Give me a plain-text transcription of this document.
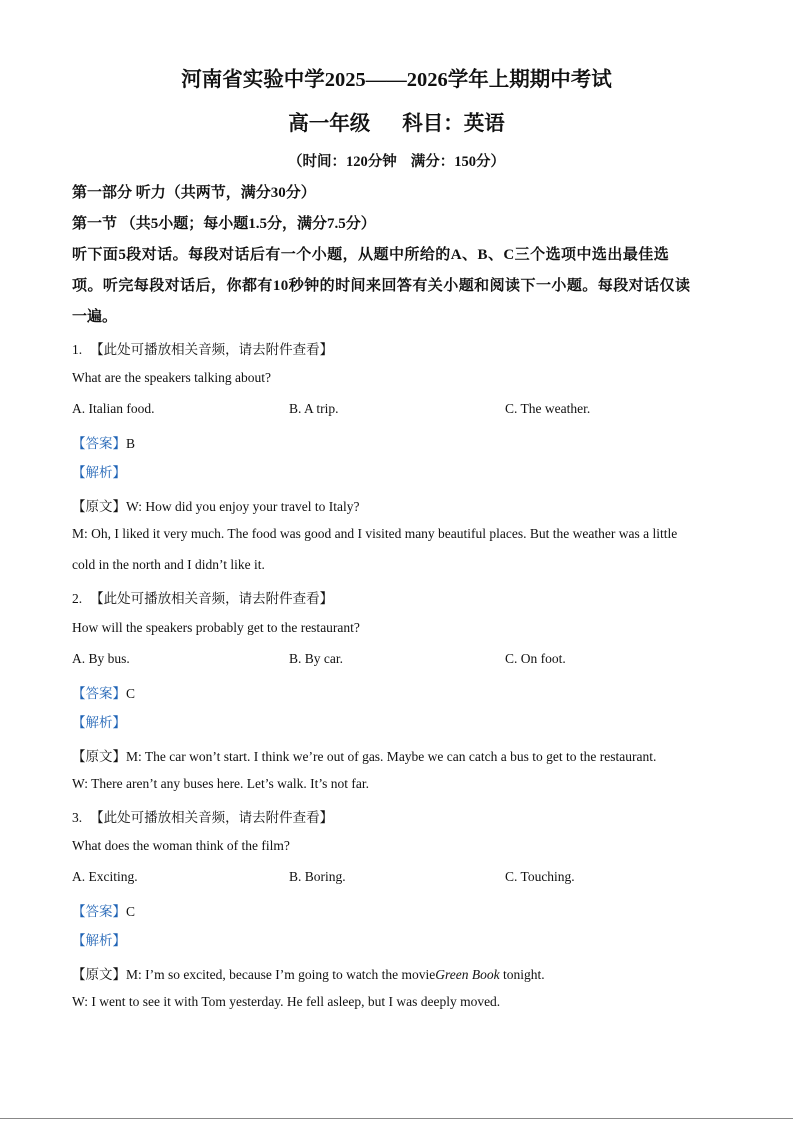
河南省实验中学2025——2026学年上期期中考试
高一年级 科目：英语
（时间：120分钟 满分：150分）
第一部分 听力（共两节，满分30分）
第一节 （共5小题；每小题1.5分，满分7.5分）
听下面5段对话。每段对话后有一个小题，从题中所给的A、B、C三个选项中选出最佳选
项。听完每段对话后，你都有10秒钟的时间来回答有关小题和阅读下一小题。每段对话仅读
一遍。
1. 【此处可播放相关音频，请去附件查看】
What are the speakers talking about?
A. Italian food.	B. A trip.	C. The weather.
【答案】B
【解析】
【原文】W: How did you enjoy your travel to Italy?
M: Oh, I liked it very much. The food was good and I visited many beautiful places. But the weather was a little
cold in the north and I didn’t like it.
2. 【此处可播放相关音频，请去附件查看】
How will the speakers probably get to the restaurant?
A. By bus.	B. By car.	C. On foot.
【答案】C
【解析】
【原文】M: The car won’t start. I think we’re out of gas. Maybe we can catch a bus to get to the restaurant.
W: There aren’t any buses here. Let’s walk. It’s not far.
3. 【此处可播放相关音频，请去附件查看】
What does the woman think of the film?
A. Exciting.	B. Boring.	C. Touching.
【答案】C
【解析】
【原文】M: I’m so excited, because I’m going to watch the movieGreen Book tonight.
W: I went to see it with Tom yesterday. He fell asleep, but I was deeply moved.
